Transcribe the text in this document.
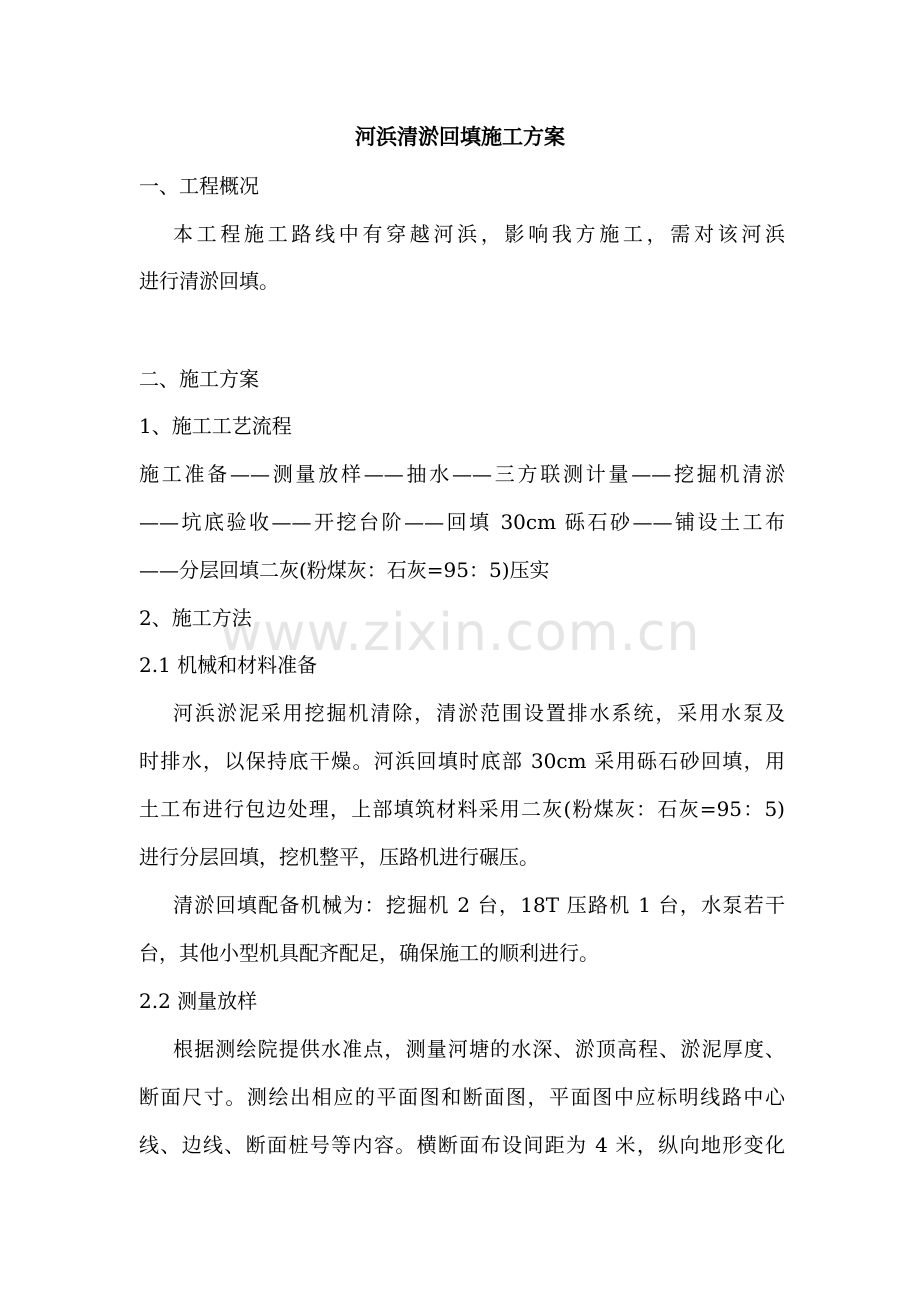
河浜清淤回填施工方案
一、工程概况
本工程施工路线中有穿越河浜，影响我方施工，需对该河浜
进行清淤回填。
二、施工方案
1、施工工艺流程
施工准备——测量放样——抽水——三方联测计量——挖掘机清淤
——坑底验收——开挖台阶——回填 30cm 砾石砂——铺设土工布
——分层回填二灰(粉煤灰：石灰=95：5)压实
2、施工方法
2.1 机械和材料准备
河浜淤泥采用挖掘机清除，清淤范围设置排水系统，采用水泵及
时排水，以保持底干燥。河浜回填时底部 30cm 采用砾石砂回填，用
土工布进行包边处理，上部填筑材料采用二灰(粉煤灰：石灰=95：5)
进行分层回填，挖机整平，压路机进行碾压。
清淤回填配备机械为：挖掘机 2 台，18T 压路机 1 台，水泵若干
台，其他小型机具配齐配足，确保施工的顺利进行。
2.2 测量放样
根据测绘院提供水准点，测量河塘的水深、淤顶高程、淤泥厚度、
断面尺寸。测绘出相应的平面图和断面图，平面图中应标明线路中心
线、边线、断面桩号等内容。横断面布设间距为 4 米，纵向地形变化
www.zixin.com.cn
